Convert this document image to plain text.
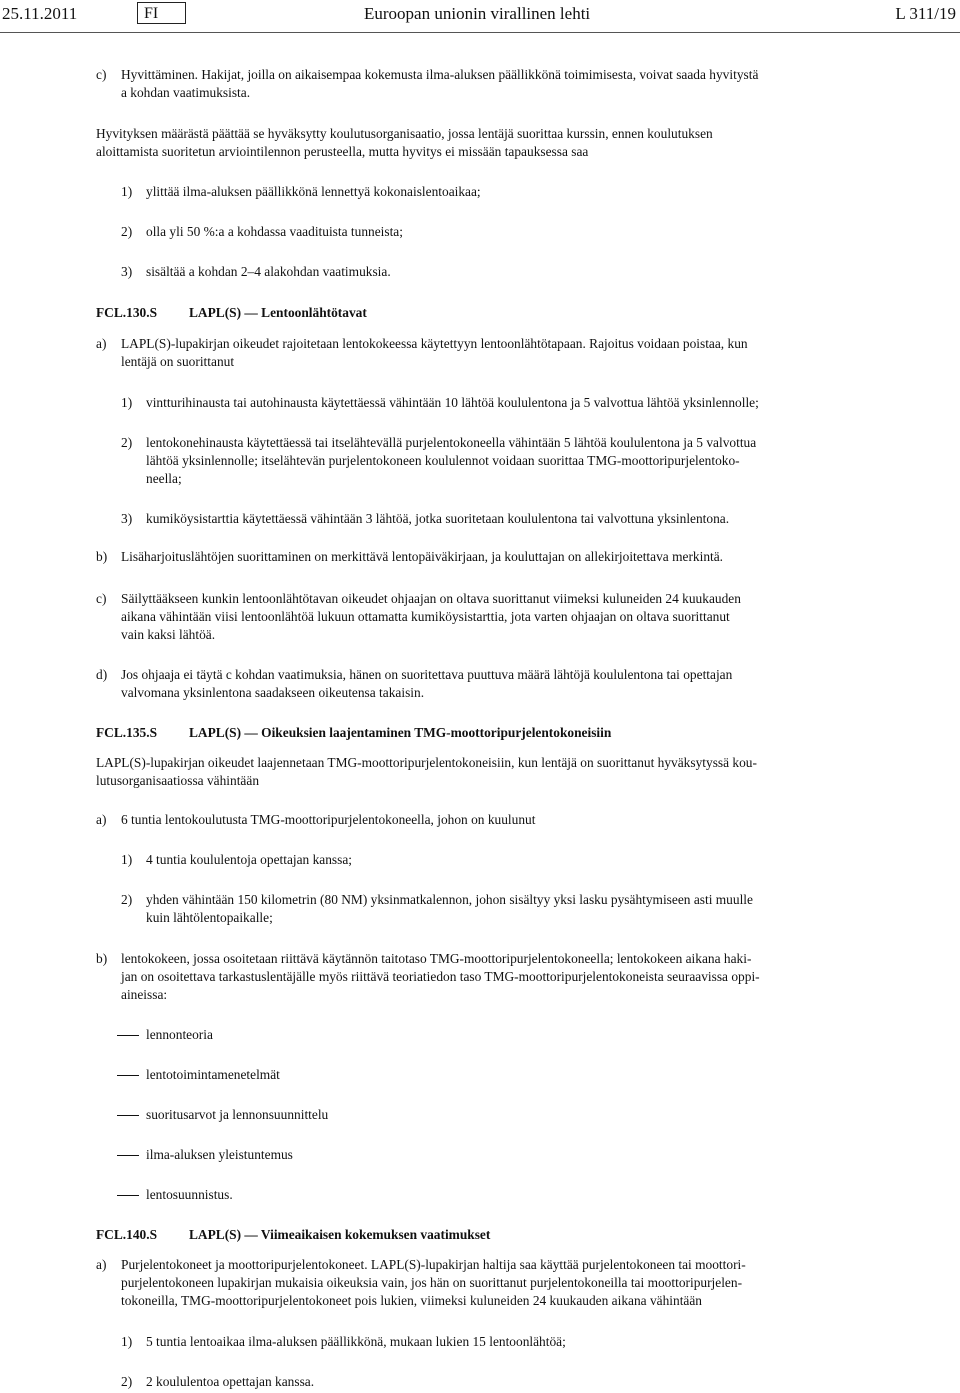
25.11.2011	FI	Euroopan unionin virallinen lehti	L 311/19
c) Hyvittäminen. Hakijat, joilla on aikaisempaa kokemusta ilma-aluksen päällikkönä toimimisesta, voivat saada hyvitystä
a kohdan vaatimuksista.
Hyvityksen määrästä päättää se hyväksytty koulutusorganisaatio, jossa lentäjä suorittaa kurssin, ennen koulutuksen
aloittamista suoritetun arviointilennon perusteella, mutta hyvitys ei missään tapauksessa saa
1) ylittää ilma-aluksen päällikkönä lennettyä kokonaislentoaikaa;
2) olla yli 50 %:a a kohdassa vaadituista tunneista;
3) sisältää a kohdan 2–4 alakohdan vaatimuksia.
FCL.130.S LAPL(S) — Lentoonlähtötavat
a) LAPL(S)-lupakirjan oikeudet rajoitetaan lentokokeessa käytettyyn lentoonlähtötapaan. Rajoitus voidaan poistaa, kun
lentäjä on suorittanut
1) vintturihinausta tai autohinausta käytettäessä vähintään 10 lähtöä koululentona ja 5 valvottua lähtöä yksinlennolle;
2) lentokonehinausta käytettäessä tai itselähtevällä purjelentokoneella vähintään 5 lähtöä koululentona ja 5 valvottua
lähtöä yksinlennolle; itselähtevän purjelentokoneen koululennot voidaan suorittaa TMG-moottoripurjelentoko-
neella;
3) kumiköysistarttia käytettäessä vähintään 3 lähtöä, jotka suoritetaan koululentona tai valvottuna yksinlentona.
b) Lisäharjoituslähtöjen suorittaminen on merkittävä lentopäiväkirjaan, ja kouluttajan on allekirjoitettava merkintä.
c) Säilyttääkseen kunkin lentoonlähtötavan oikeudet ohjaajan on oltava suorittanut viimeksi kuluneiden 24 kuukauden
aikana vähintään viisi lentoonlähtöä lukuun ottamatta kumiköysistarttia, jota varten ohjaajan on oltava suorittanut
vain kaksi lähtöä.
d) Jos ohjaaja ei täytä c kohdan vaatimuksia, hänen on suoritettava puuttuva määrä lähtöjä koululentona tai opettajan
valvomana yksinlentona saadakseen oikeutensa takaisin.
FCL.135.S LAPL(S) — Oikeuksien laajentaminen TMG-moottoripurjelentokoneisiin
LAPL(S)-lupakirjan oikeudet laajennetaan TMG-moottoripurjelentokoneisiin, kun lentäjä on suorittanut hyväksytyssä kou-
lutusorganisaatiossa vähintään
a) 6 tuntia lentokoulutusta TMG-moottoripurjelentokoneella, johon on kuulunut
1) 4 tuntia koululentoja opettajan kanssa;
2) yhden vähintään 150 kilometrin (80 NM) yksinmatkalennon, johon sisältyy yksi lasku pysähtymiseen asti muulle
kuin lähtölentopaikalle;
b) lentokokeen, jossa osoitetaan riittävä käytännön taitotaso TMG-moottoripurjelentokoneella; lentokokeen aikana haki-
jan on osoitettava tarkastuslentäjälle myös riittävä teoriatiedon taso TMG-moottoripurjelentokoneista seuraavissa oppi-
aineissa:
lennonteoria
lentotoimintamenetelmät
suoritusarvot ja lennonsuunnittelu
ilma-aluksen yleistuntemus
lentosuunnistus.
FCL.140.S LAPL(S) — Viimeaikaisen kokemuksen vaatimukset
a) Purjelentokoneet ja moottoripurjelentokoneet. LAPL(S)-lupakirjan haltija saa käyttää purjelentokoneen tai moottori-
purjelentokoneen lupakirjan mukaisia oikeuksia vain, jos hän on suorittanut purjelentokoneilla tai moottoripurjelen-
tokoneilla, TMG-moottoripurjelentokoneet pois lukien, viimeksi kuluneiden 24 kuukauden aikana vähintään
1) 5 tuntia lentoaikaa ilma-aluksen päällikkönä, mukaan lukien 15 lentoonlähtöä;
2) 2 koululentoa opettajan kanssa.
